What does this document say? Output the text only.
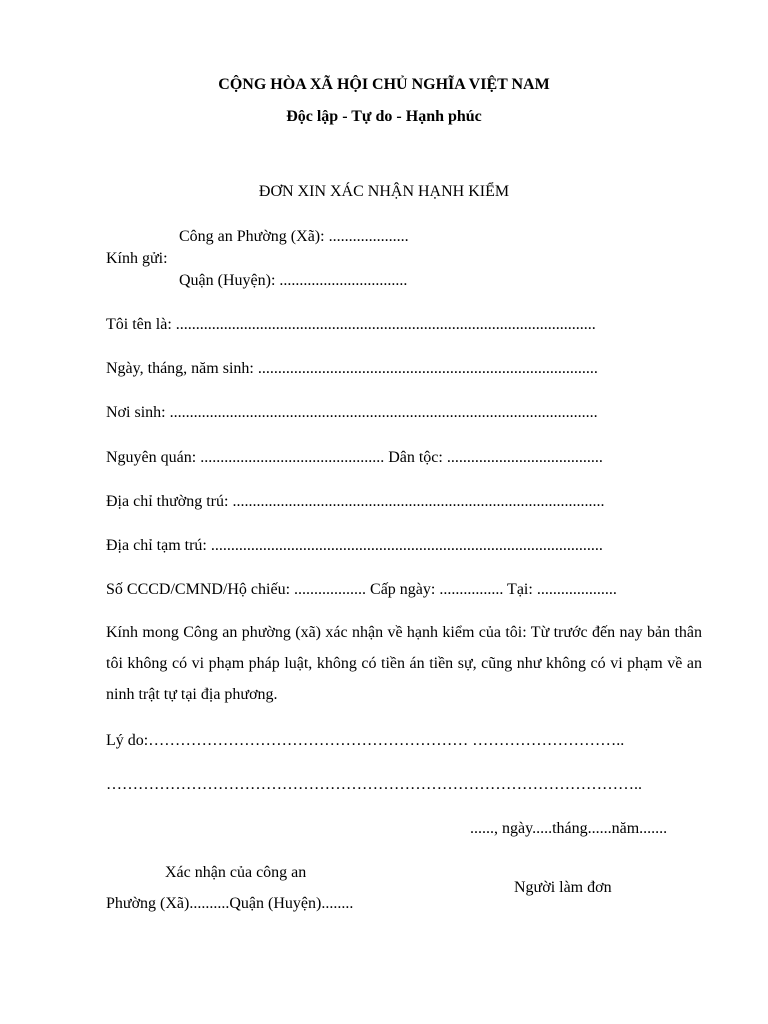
CỘNG HÒA XÃ HỘI CHỦ NGHĨA VIỆT NAM
Độc lập - Tự do - Hạnh phúc
ĐƠN XIN XÁC NHẬN HẠNH KIỂM
Công an Phường (Xã): ....................
Kính gửi:
Quận (Huyện): ................................
Tôi tên là: .........................................................................................................
Ngày, tháng, năm sinh: .....................................................................................
Nơi sinh: ...........................................................................................................
Nguyên quán: .............................................. Dân tộc: .......................................
Địa chỉ thường trú: .............................................................................................
Địa chỉ tạm trú: ..................................................................................................
Số CCCD/CMND/Hộ chiếu: .................. Cấp ngày: ................ Tại: ....................
Kính mong Công an phường (xã) xác nhận về hạnh kiểm của tôi: Từ trước đến nay bản thân tôi không có vi phạm pháp luật, không có tiền án tiền sự, cũng như không có vi phạm về an ninh trật tự tại địa phương.
Lý do:…………………………………………………… ………………………..
………………………………………………………………………………………..
......, ngày.....tháng......năm.......
Xác nhận của công an
Người làm đơn
Phường (Xã)..........Quận (Huyện)........
